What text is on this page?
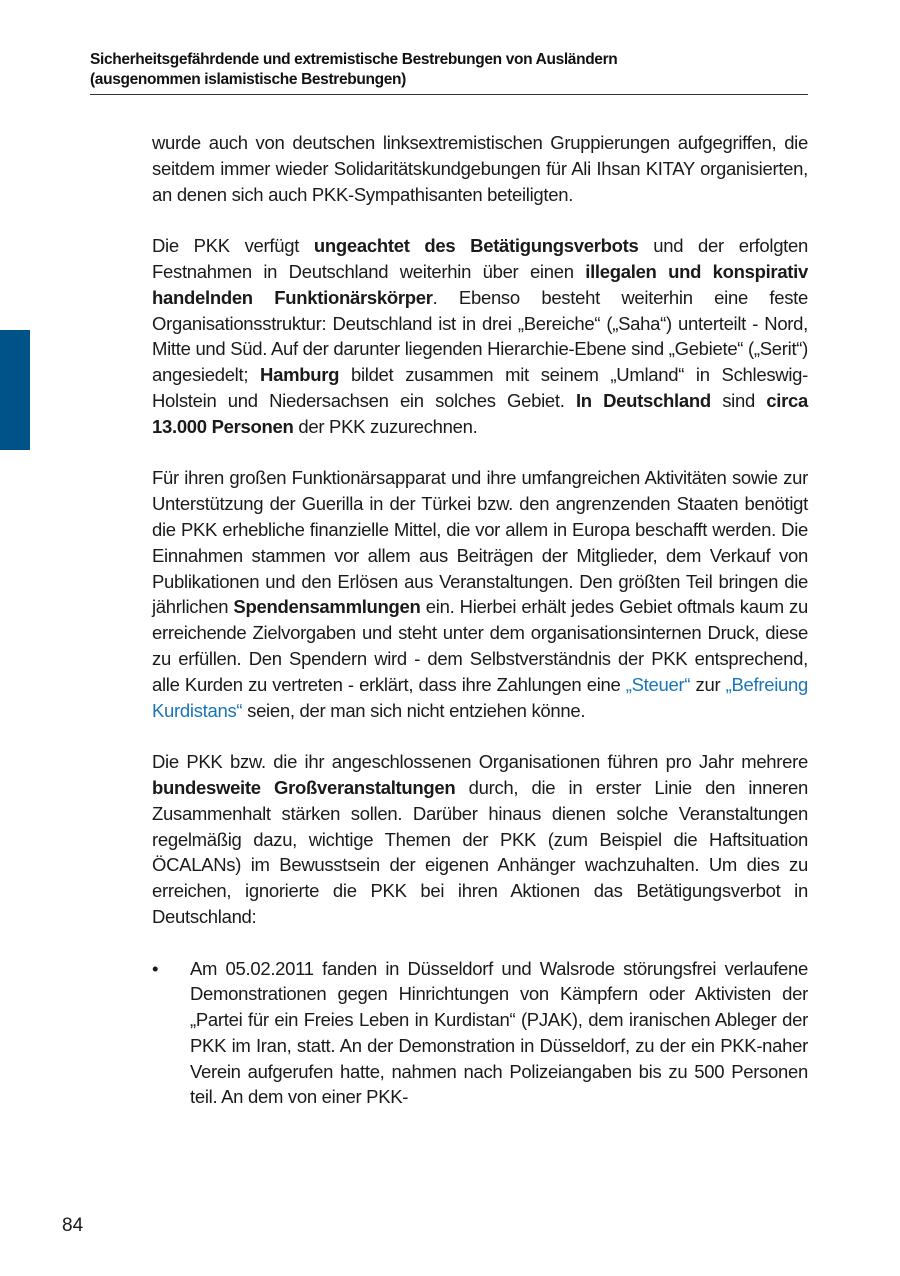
Sicherheitsgefährdende und extremistische Bestrebungen von Ausländern
(ausgenommen islamistische Bestrebungen)

wurde auch von deutschen linksextremistischen Gruppierungen aufgegriffen, die seitdem immer wieder Solidaritätskundgebungen für Ali Ihsan KITAY organisierten, an denen sich auch PKK-Sympathisanten beteiligten.

Die PKK verfügt ungeachtet des Betätigungsverbots und der erfolgten Festnahmen in Deutschland weiterhin über einen illegalen und konspirativ handelnden Funktionärskörper. Ebenso besteht weiterhin eine feste Organisationsstruktur: Deutschland ist in drei „Bereiche“ („Saha“) unterteilt - Nord, Mitte und Süd. Auf der darunter liegenden Hierarchie-Ebene sind „Gebiete“ („Serit“) angesiedelt; Hamburg bildet zusammen mit seinem „Umland“ in Schleswig-Holstein und Niedersachsen ein solches Gebiet. In Deutschland sind circa 13.000 Personen der PKK zuzurechnen.

Für ihren großen Funktionärsapparat und ihre umfangreichen Aktivitäten sowie zur Unterstützung der Guerilla in der Türkei bzw. den angrenzenden Staaten benötigt die PKK erhebliche finanzielle Mittel, die vor allem in Europa beschafft werden. Die Einnahmen stammen vor allem aus Beiträgen der Mitglieder, dem Verkauf von Publikationen und den Erlösen aus Veranstaltungen. Den größten Teil bringen die jährlichen Spendensammlungen ein. Hierbei erhält jedes Gebiet oftmals kaum zu erreichende Zielvorgaben und steht unter dem organisationsinternen Druck, diese zu erfüllen. Den Spendern wird - dem Selbstverständnis der PKK entsprechend, alle Kurden zu vertreten - erklärt, dass ihre Zahlungen eine „Steuer“ zur „Befreiung Kurdistans“ seien, der man sich nicht entziehen könne.

Die PKK bzw. die ihr angeschlossenen Organisationen führen pro Jahr mehrere bundesweite Großveranstaltungen durch, die in erster Linie den inneren Zusammenhalt stärken sollen. Darüber hinaus dienen solche Veranstaltungen regelmäßig dazu, wichtige Themen der PKK (zum Beispiel die Haftsituation ÖCALANs) im Bewusstsein der eigenen Anhänger wachzuhalten. Um dies zu erreichen, ignorierte die PKK bei ihren Aktionen das Betätigungsverbot in Deutschland:

• Am 05.02.2011 fanden in Düsseldorf und Walsrode störungsfrei verlaufene Demonstrationen gegen Hinrichtungen von Kämpfern oder Aktivisten der „Partei für ein Freies Leben in Kurdistan“ (PJAK), dem iranischen Ableger der PKK im Iran, statt. An der Demonstration in Düsseldorf, zu der ein PKK-naher Verein aufgerufen hatte, nahmen nach Polizeiangaben bis zu 500 Personen teil. An dem von einer PKK-
84
